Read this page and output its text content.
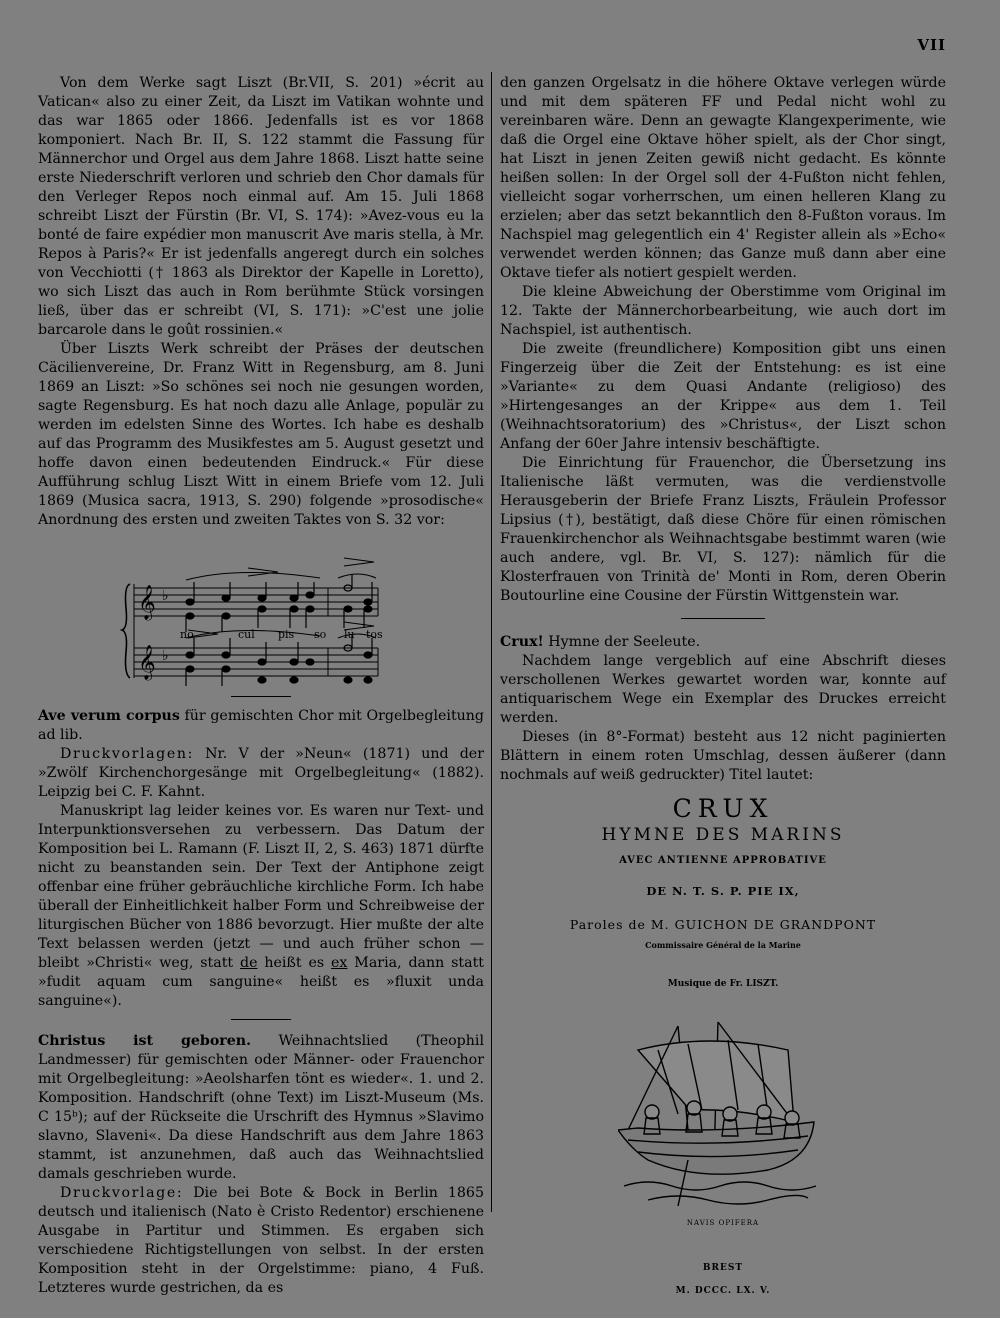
VII

Von dem Werke sagt Liszt (Br.VII, S. 201) »écrit au Vatican« also zu einer Zeit, da Liszt im Vatikan wohnte und das war 1865 oder 1866. Jedenfalls ist es vor 1868 komponiert. Nach Br. II, S. 122 stammt die Fassung für Männerchor und Orgel aus dem Jahre 1868. Liszt hatte seine erste Niederschrift verloren und schrieb den Chor damals für den Verleger Repos noch einmal auf. Am 15. Juli 1868 schreibt Liszt der Fürstin (Br. VI, S. 174): »Avez-vous eu la bonté de faire expédier mon manuscrit Ave maris stella, à Mr. Repos à Paris?« Er ist jedenfalls angeregt durch ein solches von Vecchiotti († 1863 als Direktor der Kapelle in Loretto), wo sich Liszt das auch in Rom berühmte Stück vorsingen ließ, über das er schreibt (VI, S. 171): »C'est une jolie barcarole dans le goût rossinien.«

Über Liszts Werk schreibt der Präses der deutschen Cäcilienvereine, Dr. Franz Witt in Regensburg, am 8. Juni 1869 an Liszt: »So schönes sei noch nie gesungen worden, sagte Regensburg. Es hat noch dazu alle Anlage, populär zu werden im edelsten Sinne des Wortes. Ich habe es deshalb auf das Programm des Musikfestes am 5. August gesetzt und hoffe davon einen bedeutenden Eindruck.« Für diese Aufführung schlug Liszt Witt in einem Briefe vom 12. Juli 1869 (Musica sacra, 1913, S. 290) folgende »prosodische« Anordnung des ersten und zweiten Taktes von S. 32 vor:

𝄞
𝄞
♭
♭
no	cul pis so lu tos

Ave verum corpus für gemischten Chor mit Orgelbegleitung ad lib.

Druckvorlagen: Nr. V der »Neun« (1871) und der »Zwölf Kirchenchorgesänge mit Orgelbegleitung« (1882). Leipzig bei C. F. Kahnt.

Manuskript lag leider keines vor. Es waren nur Text- und Interpunktionsversehen zu verbessern. Das Datum der Komposition bei L. Ramann (F. Liszt II, 2, S. 463) 1871 dürfte nicht zu beanstanden sein. Der Text der Antiphone zeigt offenbar eine früher gebräuchliche kirchliche Form. Ich habe überall der Einheitlichkeit halber Form und Schreibweise der liturgischen Bücher von 1886 bevorzugt. Hier mußte der alte Text belassen werden (jetzt — und auch früher schon — bleibt »Christi« weg, statt de heißt es ex Maria, dann statt »fudit aquam cum sanguine« heißt es »fluxit unda sanguine«).

Christus ist geboren. Weihnachtslied (Theophil Landmesser) für gemischten oder Männer- oder Frauenchor mit Orgelbegleitung: »Aeolsharfen tönt es wieder«. 1. und 2. Komposition. Handschrift (ohne Text) im Liszt-Museum (Ms. C 15ᵇ); auf der Rückseite die Urschrift des Hymnus »Slavimo slavno, Slaveni«. Da diese Handschrift aus dem Jahre 1863 stammt, ist anzunehmen, daß auch das Weihnachtslied damals geschrieben wurde.

Druckvorlage: Die bei Bote & Bock in Berlin 1865 deutsch und italienisch (Nato è Cristo Redentor) erschienene Ausgabe in Partitur und Stimmen. Es ergaben sich verschiedene Richtigstellungen von selbst. In der ersten Komposition steht in der Orgelstimme: piano, 4 Fuß. Letzteres wurde gestrichen, da es

den ganzen Orgelsatz in die höhere Oktave verlegen würde und mit dem späteren FF und Pedal nicht wohl zu vereinbaren wäre. Denn an gewagte Klangexperimente, wie daß die Orgel eine Oktave höher spielt, als der Chor singt, hat Liszt in jenen Zeiten gewiß nicht gedacht. Es könnte heißen sollen: In der Orgel soll der 4-Fußton nicht fehlen, vielleicht sogar vorherrschen, um einen helleren Klang zu erzielen; aber das setzt bekanntlich den 8-Fußton voraus. Im Nachspiel mag gelegentlich ein 4' Register allein als »Echo« verwendet werden können; das Ganze muß dann aber eine Oktave tiefer als notiert gespielt werden.

Die kleine Abweichung der Oberstimme vom Original im 12. Takte der Männerchorbearbeitung, wie auch dort im Nachspiel, ist authentisch.

Die zweite (freundlichere) Komposition gibt uns einen Fingerzeig über die Zeit der Entstehung: es ist eine »Variante« zu dem Quasi Andante (religioso) des »Hirtengesanges an der Krippe« aus dem 1. Teil (Weihnachtsoratorium) des »Christus«, der Liszt schon Anfang der 60er Jahre intensiv beschäftigte.

Die Einrichtung für Frauenchor, die Übersetzung ins Italienische läßt vermuten, was die verdienstvolle Herausgeberin der Briefe Franz Liszts, Fräulein Professor Lipsius (†), bestätigt, daß diese Chöre für einen römischen Frauenkirchenchor als Weihnachtsgabe bestimmt waren (wie auch andere, vgl. Br. VI, S. 127): nämlich für die Klosterfrauen von Trinità de' Monti in Rom, deren Oberin Boutourline eine Cousine der Fürstin Wittgenstein war.

Crux! Hymne der Seeleute.

Nachdem lange vergeblich auf eine Abschrift dieses verschollenen Werkes gewartet worden war, konnte auf antiquarischem Wege ein Exemplar des Druckes erreicht werden.

Dieses (in 8°-Format) besteht aus 12 nicht paginierten Blättern in einem roten Umschlag, dessen äußerer (dann nochmals auf weiß gedruckter) Titel lautet:

CRUX
HYMNE DES MARINS
AVEC ANTIENNE APPROBATIVE
DE N. T. S. P. PIE IX,
Paroles de M. GUICHON DE GRANDPONT
Commissaire Général de la Marine
Musique de Fr. LISZT.
NAVIS OPIFERA
BREST
M. DCCC. LX. V.
